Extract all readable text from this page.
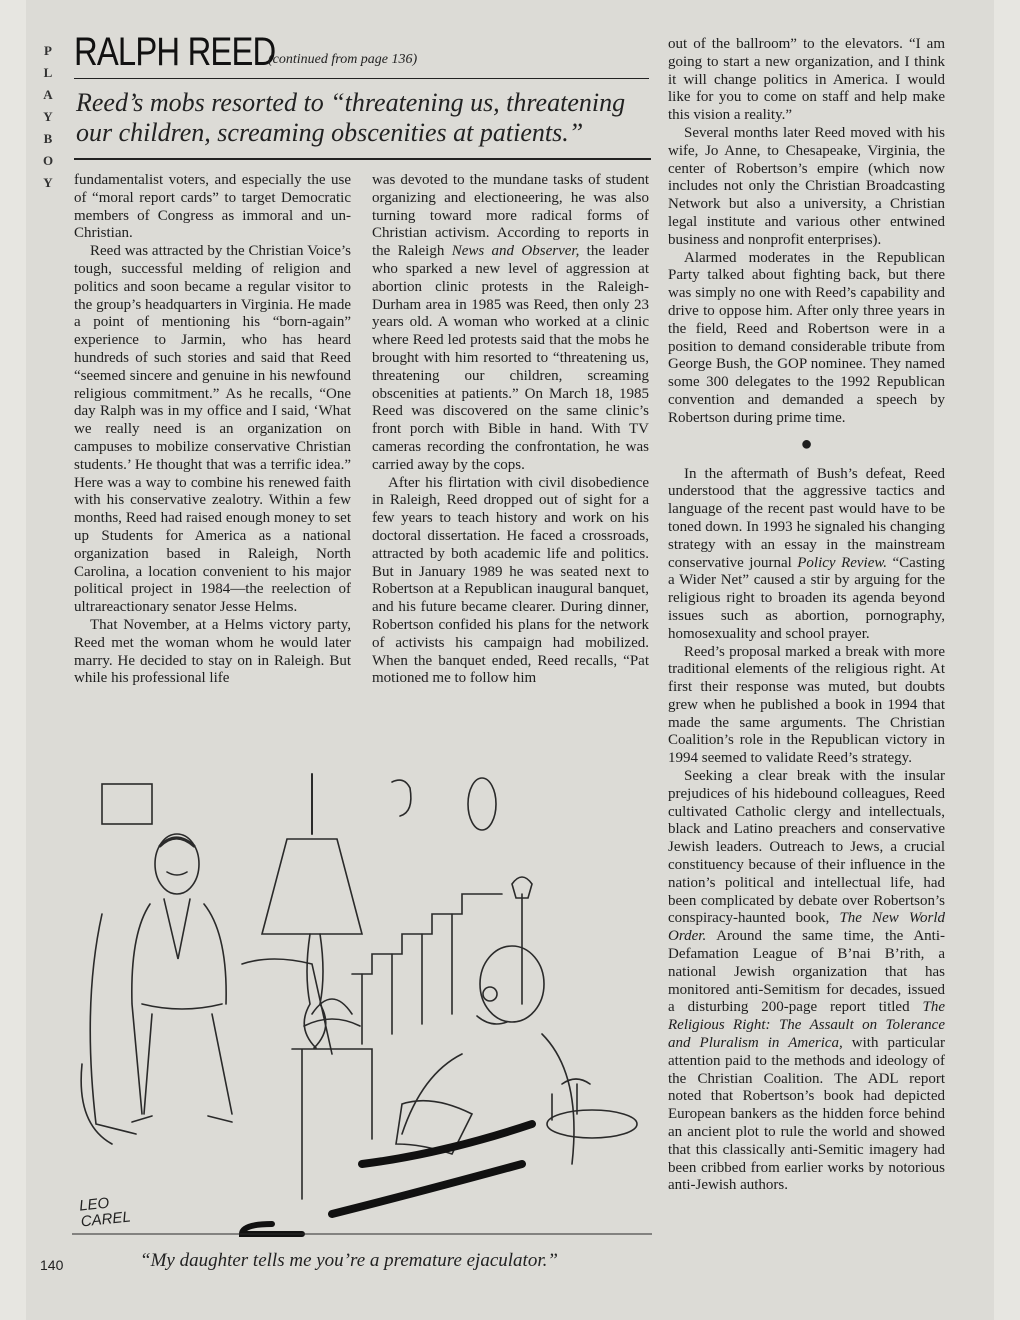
P
L
A
Y
B
O
Y
RALPH REED
(continued from page 136)
Reed’s mobs resorted to “threatening us, threatening our children, screaming obscenities at patients.”

fundamentalist voters, and especially the use of “moral report cards” to target Democratic members of Congress as immoral and un-Christian.

Reed was attracted by the Christian Voice’s tough, successful melding of religion and politics and soon became a regular visitor to the group’s headquarters in Virginia. He made a point of mentioning his “born-again” experience to Jarmin, who has heard hundreds of such stories and said that Reed “seemed sincere and genuine in his newfound religious commitment.” As he recalls, “One day Ralph was in my office and I said, ‘What we really need is an organization on campuses to mobilize conservative Christian students.’ He thought that was a terrific idea.” Here was a way to combine his renewed faith with his conservative zealotry. Within a few months, Reed had raised enough money to set up Students for America as a national organization based in Raleigh, North Carolina, a location convenient to his major political project in 1984—the reelection of ultrareactionary senator Jesse Helms.

That November, at a Helms victory party, Reed met the woman whom he would later marry. He decided to stay on in Raleigh. But while his professional life

was devoted to the mundane tasks of student organizing and electioneering, he was also turning toward more radical forms of Christian activism. According to reports in the Raleigh News and Observer, the leader who sparked a new level of aggression at abortion clinic protests in the Raleigh-Durham area in 1985 was Reed, then only 23 years old. A woman who worked at a clinic where Reed led protests said that the mobs he brought with him resorted to “threatening us, threatening our children, screaming obscenities at patients.” On March 18, 1985 Reed was discovered on the same clinic’s front porch with Bible in hand. With TV cameras recording the confrontation, he was carried away by the cops.

After his flirtation with civil disobedience in Raleigh, Reed dropped out of sight for a few years to teach history and work on his doctoral dissertation. He faced a crossroads, attracted by both academic life and politics. But in January 1989 he was seated next to Robertson at a Republican inaugural banquet, and his future became clearer. During dinner, Robertson confided his plans for the network of activists his campaign had mobilized. When the banquet ended, Reed recalls, “Pat motioned me to follow him

out of the ballroom” to the elevators. “I am going to start a new organization, and I think it will change politics in America. I would like for you to come on staff and help make this vision a reality.”

Several months later Reed moved with his wife, Jo Anne, to Chesapeake, Virginia, the center of Robertson’s empire (which now includes not only the Christian Broadcasting Network but also a university, a Christian legal institute and various other entwined business and nonprofit enterprises).

Alarmed moderates in the Republican Party talked about fighting back, but there was simply no one with Reed’s capability and drive to oppose him. After only three years in the field, Reed and Robertson were in a position to demand considerable tribute from George Bush, the GOP nominee. They named some 300 delegates to the 1992 Republican convention and demanded a speech by Robertson during prime time.

●

In the aftermath of Bush’s defeat, Reed understood that the aggressive tactics and language of the recent past would have to be toned down. In 1993 he signaled his changing strategy with an essay in the mainstream conservative journal Policy Review. “Casting a Wider Net” caused a stir by arguing for the religious right to broaden its agenda beyond issues such as abortion, pornography, homosexuality and school prayer.

Reed’s proposal marked a break with more traditional elements of the religious right. At first their response was muted, but doubts grew when he published a book in 1994 that made the same arguments. The Christian Coalition’s role in the Republican victory in 1994 seemed to validate Reed’s strategy.

Seeking a clear break with the insular prejudices of his hidebound colleagues, Reed cultivated Catholic clergy and intellectuals, black and Latino preachers and conservative Jewish leaders. Outreach to Jews, a crucial constituency because of their influence in the nation’s political and intellectual life, had been complicated by debate over Robertson’s conspiracy-haunted book, The New World Order. Around the same time, the Anti-Defamation League of B’nai B’rith, a national Jewish organization that has monitored anti-Semitism for decades, issued a disturbing 200-page report titled The Religious Right: The Assault on Tolerance and Pluralism in America, with particular attention paid to the methods and ideology of the Christian Coalition. The ADL report noted that Robertson’s book had depicted European bankers as the hidden force behind an ancient plot to rule the world and showed that this classically anti-Semitic imagery had been cribbed from earlier works by notorious anti-Jewish authors.

LEO
CAREL
“My daughter tells me you’re a premature ejaculator.”
140
